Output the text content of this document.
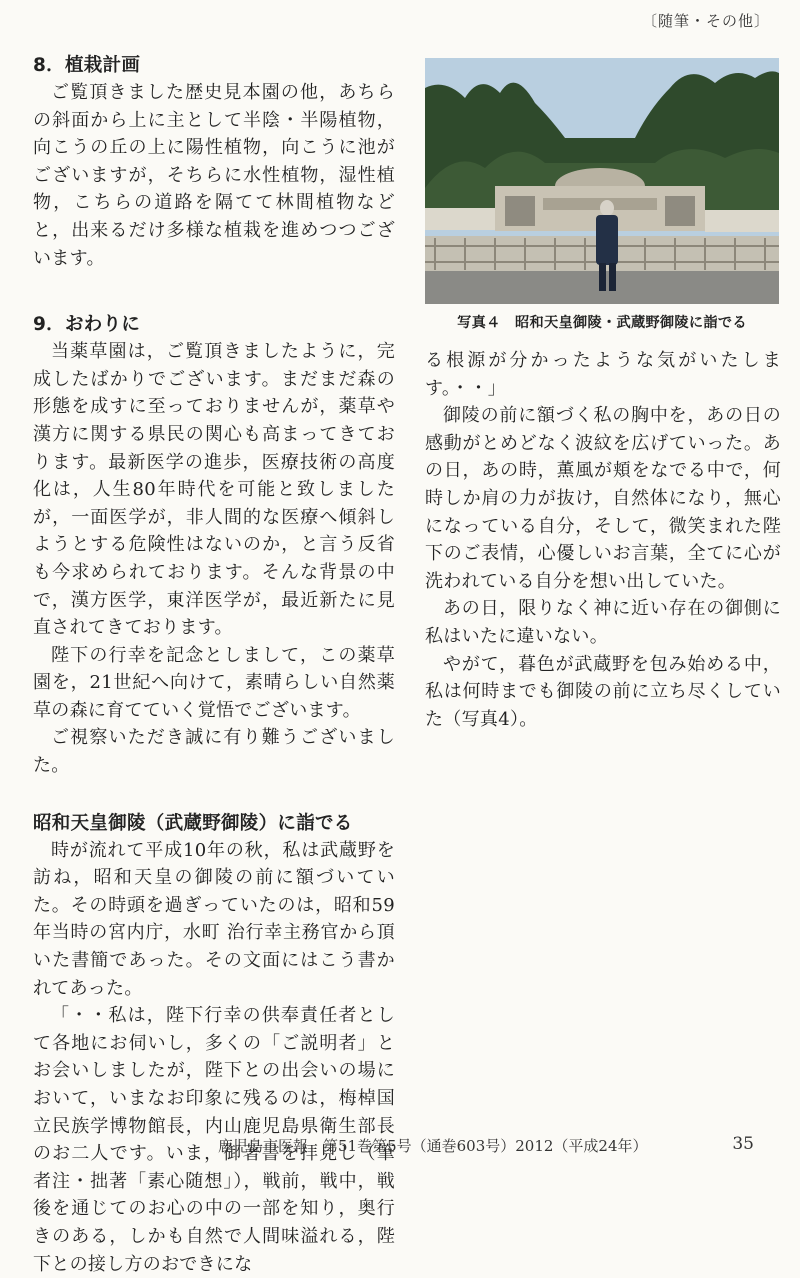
〔随筆・その他〕
8．植栽計画

ご覧頂きました歴史見本園の他，あちらの斜面から上に主として半陰・半陽植物，向こうの丘の上に陽性植物，向こうに池がございますが，そちらに水性植物，湿性植物，こちらの道路を隔てて林間植物などと，出来るだけ多様な植栽を進めつつございます。

9．おわりに

当薬草園は，ご覧頂きましたように，完成したばかりでございます。まだまだ森の形態を成すに至っておりませんが，薬草や漢方に関する県民の関心も高まってきております。最新医学の進歩，医療技術の高度化は，人生80年時代を可能と致しましたが，一面医学が，非人間的な医療へ傾斜しようとする危険性はないのか，と言う反省も今求められております。そんな背景の中で，漢方医学，東洋医学が，最近新たに見直されてきております。

陛下の行幸を記念としまして，この薬草園を，21世紀へ向けて，素晴らしい自然薬草の森に育てていく覚悟でございます。

ご視察いただき誠に有り難うございました。

昭和天皇御陵（武蔵野御陵）に詣でる

時が流れて平成10年の秋，私は武蔵野を訪ね，昭和天皇の御陵の前に額づいていた。その時頭を過ぎっていたのは，昭和59年当時の宮内庁，水町 治行幸主務官から頂いた書簡であった。その文面にはこう書かれてあった。

「・・私は，陛下行幸の供奉責任者として各地にお伺いし，多くの「ご説明者」とお会いしましたが，陛下との出会いの場において，いまなお印象に残るのは，梅棹国立民族学博物館長，内山鹿児島県衛生部長のお二人です。いま，御著書を拝見し（筆者注・拙著「素心随想」），戦前，戦中，戦後を通じてのお心の中の一部を知り，奥行きのある，しかも自然で人間味溢れる，陛下との接し方のおできにな

写真４　昭和天皇御陵・武蔵野御陵に詣でる

る根源が分かったような気がいたします。・・」

御陵の前に額づく私の胸中を，あの日の感動がとめどなく波紋を広げていった。あの日，あの時，薫風が頬をなでる中で，何時しか肩の力が抜け，自然体になり，無心になっている自分，そして，微笑まれた陛下のご表情，心優しいお言葉，全てに心が洗われている自分を想い出していた。

あの日，限りなく神に近い存在の御側に私はいたに違いない。

やがて，暮色が武蔵野を包み始める中，私は何時までも御陵の前に立ち尽くしていた（写真4）。

鹿児島市医報　第51巻第5号（通巻603号）2012（平成24年）	35
